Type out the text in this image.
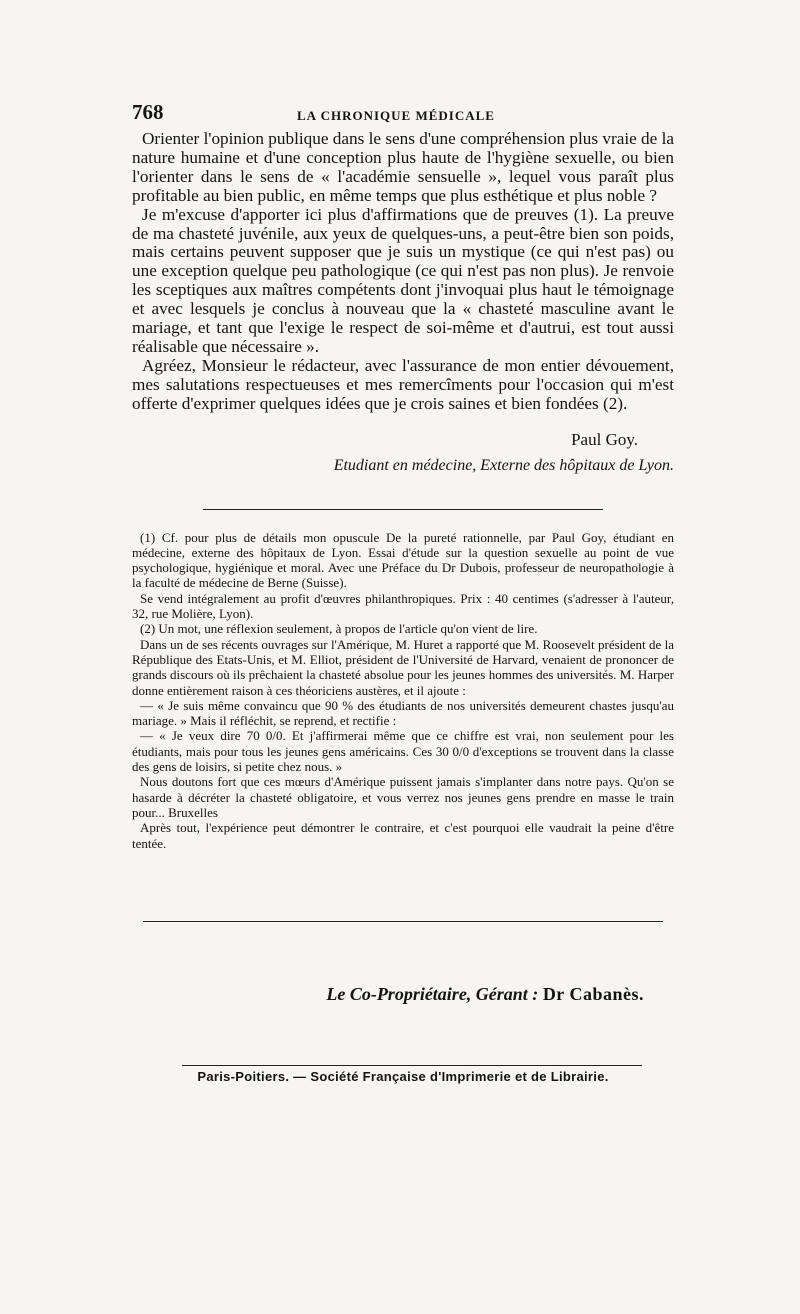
768	LA CHRONIQUE MÉDICALE

Orienter l'opinion publique dans le sens d'une compréhension plus vraie de la nature humaine et d'une conception plus haute de l'hygiène sexuelle, ou bien l'orienter dans le sens de « l'académie sensuelle », lequel vous paraît plus profitable au bien public, en même temps que plus esthétique et plus noble ?

Je m'excuse d'apporter ici plus d'affirmations que de preuves (1). La preuve de ma chasteté juvénile, aux yeux de quelques-uns, a peut-être bien son poids, mais certains peuvent supposer que je suis un mystique (ce qui n'est pas) ou une exception quelque peu pathologique (ce qui n'est pas non plus). Je renvoie les sceptiques aux maîtres compétents dont j'invoquai plus haut le témoignage et avec lesquels je conclus à nouveau que la « chasteté masculine avant le mariage, et tant que l'exige le respect de soi-même et d'autrui, est tout aussi réalisable que nécessaire ».

Agréez, Monsieur le rédacteur, avec l'assurance de mon entier dévouement, mes salutations respectueuses et mes remercîments pour l'occasion qui m'est offerte d'exprimer quelques idées que je crois saines et bien fondées (2).

Paul Goy.
Etudiant en médecine, Externe des hôpitaux de Lyon.

(1) Cf. pour plus de détails mon opuscule De la pureté rationnelle, par Paul Goy, étudiant en médecine, externe des hôpitaux de Lyon. Essai d'étude sur la question sexuelle au point de vue psychologique, hygiénique et moral. Avec une Préface du Dr Dubois, professeur de neuropathologie à la faculté de médecine de Berne (Suisse).

Se vend intégralement au profit d'œuvres philanthropiques. Prix : 40 centimes (s'adresser à l'auteur, 32, rue Molière, Lyon).

(2) Un mot, une réflexion seulement, à propos de l'article qu'on vient de lire.

Dans un de ses récents ouvrages sur l'Amérique, M. Huret a rapporté que M. Roosevelt président de la République des Etats-Unis, et M. Elliot, président de l'Université de Harvard, venaient de prononcer de grands discours où ils prêchaient la chasteté absolue pour les jeunes hommes des universités. M. Harper donne entièrement raison à ces théoriciens austères, et il ajoute :

— « Je suis même convaincu que 90 % des étudiants de nos universités demeurent chastes jusqu'au mariage. » Mais il réfléchit, se reprend, et rectifie :

— « Je veux dire 70 0/0. Et j'affirmerai même que ce chiffre est vrai, non seulement pour les étudiants, mais pour tous les jeunes gens américains. Ces 30 0/0 d'exceptions se trouvent dans la classe des gens de loisirs, si petite chez nous. »

Nous doutons fort que ces mœurs d'Amérique puissent jamais s'implanter dans notre pays. Qu'on se hasarde à décréter la chasteté obligatoire, et vous verrez nos jeunes gens prendre en masse le train pour... Bruxelles

Après tout, l'expérience peut démontrer le contraire, et c'est pourquoi elle vaudrait la peine d'être tentée.

Le Co-Propriétaire, Gérant : Dr Cabanès.
Paris-Poitiers. — Société Française d'Imprimerie et de Librairie.
